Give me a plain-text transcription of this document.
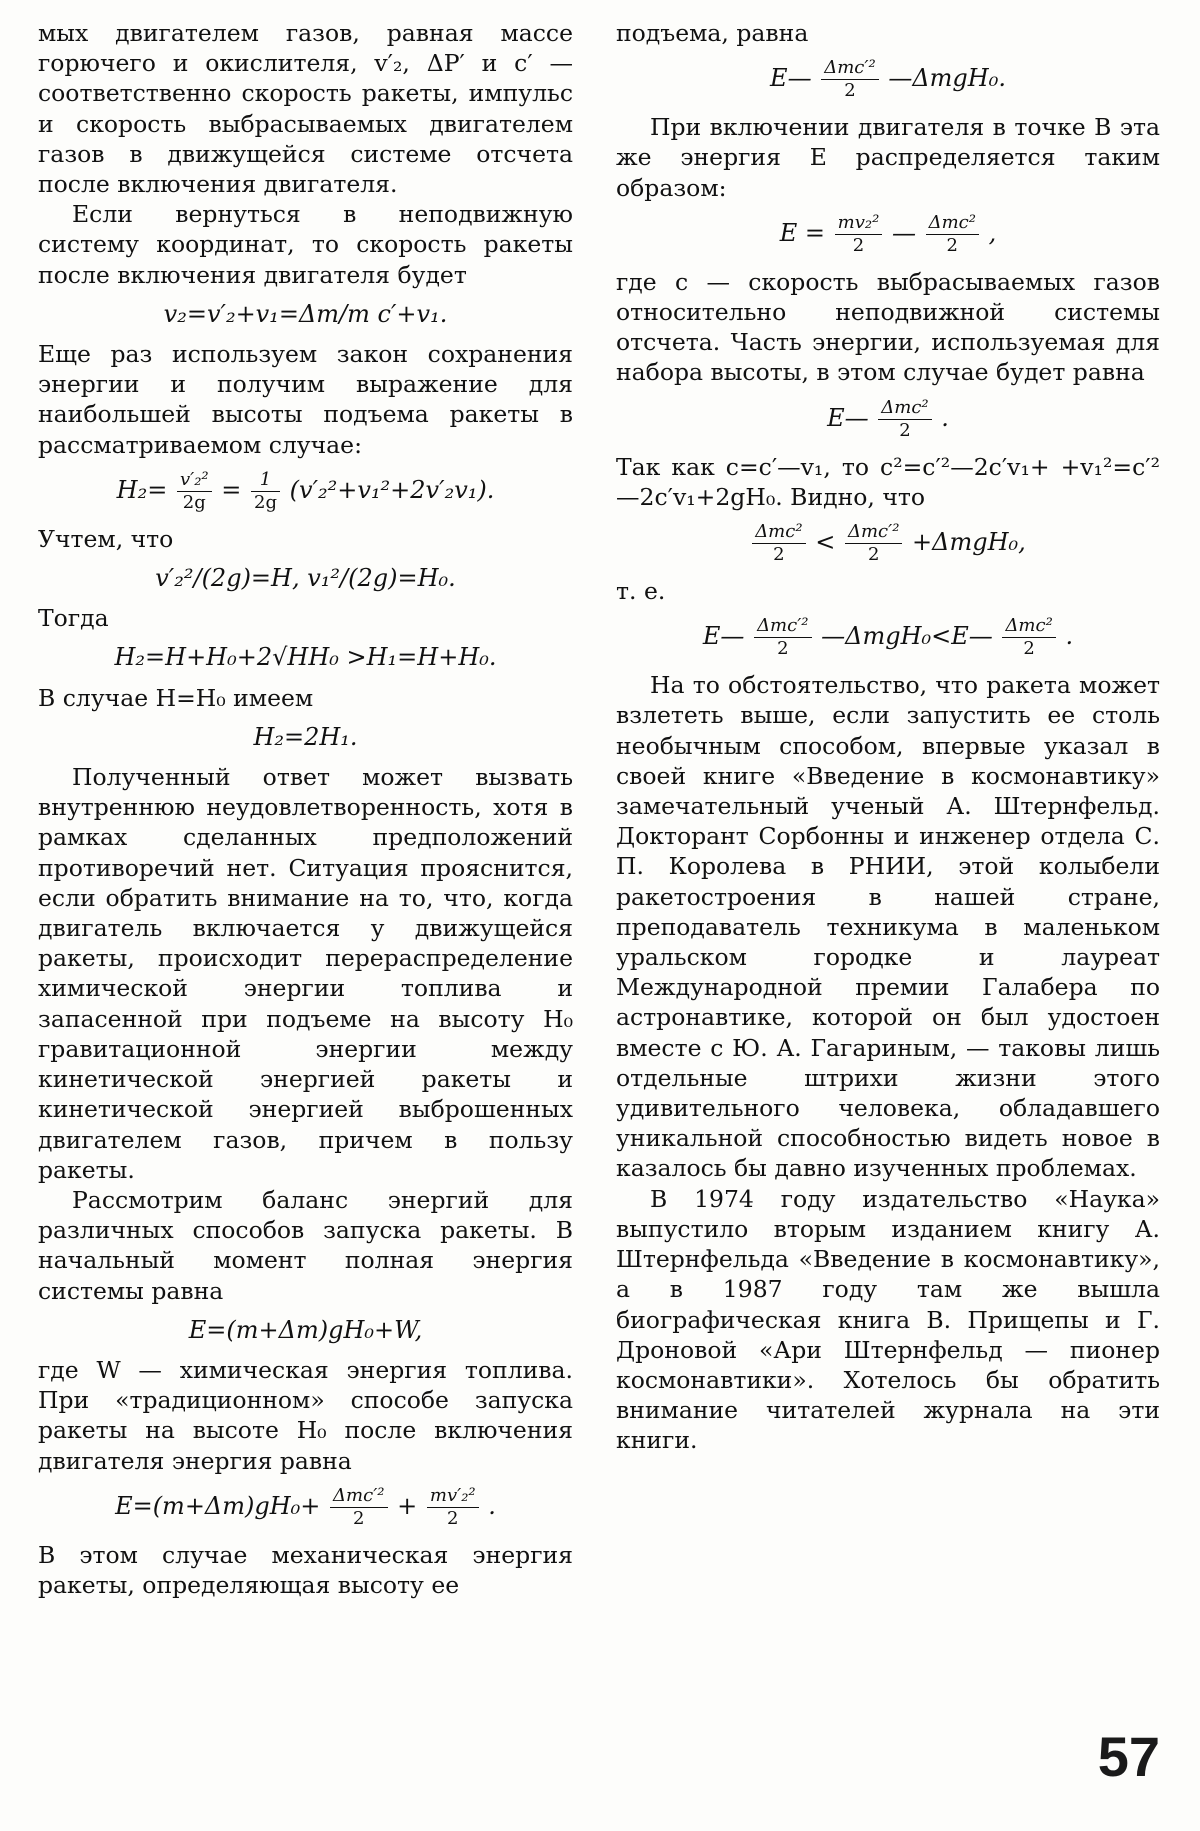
мых двигателем газов, равная массе горючего и окислителя, v′₂, ΔP′ и c′ — соответственно скорость ракеты, импульс и скорость выбрасываемых двигателем газов в движущейся системе отсчета после включения двигателя.

Если вернуться в неподвижную систему координат, то скорость ракеты после включения двигателя будет

v₂=v′₂+v₁=Δm/m c′+v₁.

Еще раз используем закон сохранения энергии и получим выражение для наибольшей высоты подъема ракеты в рассматриваемом случае:

$H_2= \frac{\text{v′₂²}}{2g} = \frac{1}{2g} (v'_2^2+v_1^2+2v'_2v_1)$.

Учтем, что

v′₂²/(2g)=H, v₁²/(2g)=H₀.

Тогда

H₂=H+H₀+2√HH₀ >H₁=H+H₀.

В случае H=H₀ имеем

H₂=2H₁.

Полученный ответ может вызвать внутреннюю неудовлетворенность, хотя в рамках сделанных предположений противоречий нет. Ситуация прояснится, если обратить внимание на то, что, когда двигатель включается у движущейся ракеты, происходит перераспределение химической энергии топлива и запасенной при подъеме на высоту H₀ гравитационной энергии между кинетической энергией ракеты и кинетической энергией выброшенных двигателем газов, причем в пользу ракеты.

Рассмотрим баланс энергий для различных способов запуска ракеты. В начальный момент полная энергия системы равна

E=(m+Δm)gH₀+W,

где W — химическая энергия топлива. При «традиционном» способе запуска ракеты на высоте H₀ после включения двигателя энергия равна

$E=(m+\Delta m)gH_0+ \frac{\text{Δmc′²}}{2} + \frac{\text{mv′₂²}}{2}$ .

В этом случае механическая энергия ракеты, определяющая высоту ее

подъема, равна

E— $\frac{\text{Δmc′²}}{2}$ —ΔmgH₀.

При включении двигателя в точке B эта же энергия E распределяется таким образом:

$E = \frac{\text{mv₂²}}{2}$ — $\frac{\text{Δmc²}}{2}$ ,

где c — скорость выбрасываемых газов относительно неподвижной системы отсчета. Часть энергии, используемая для набора высоты, в этом случае будет равна

E— $\frac{\text{Δmc²}}{2}$ .

Так как c=c′—v₁, то c²=c′²—2c′v₁+ +v₁²=c′²—2c′v₁+2gH₀. Видно, что

$\frac{\text{Δmc²}}{2} < \frac{\text{Δmc′²}}{2} +\Delta mgH_0$,

т. е.

E— $\frac{\text{Δmc′²}}{2}$ —ΔmgH₀<E— $\frac{\text{Δmc²}}{2}$ .

На то обстоятельство, что ракета может взлететь выше, если запустить ее столь необычным способом, впервые указал в своей книге «Введение в космонавтику» замечательный ученый А. Штернфельд. Докторант Сорбонны и инженер отдела С. П. Королева в РНИИ, этой колыбели ракетостроения в нашей стране, преподаватель техникума в маленьком уральском городке и лауреат Международной премии Галабера по астронавтике, которой он был удостоен вместе с Ю. А. Гагариным, — таковы лишь отдельные штрихи жизни этого удивительного человека, обладавшего уникальной способностью видеть новое в казалось бы давно изученных проблемах.

В 1974 году издательство «Наука» выпустило вторым изданием книгу А. Штернфельда «Введение в космонавтику», а в 1987 году там же вышла биографическая книга В. Прищепы и Г. Дроновой «Ари Штернфельд — пионер космонавтики». Хотелось бы обратить внимание читателей журнала на эти книги.

57
